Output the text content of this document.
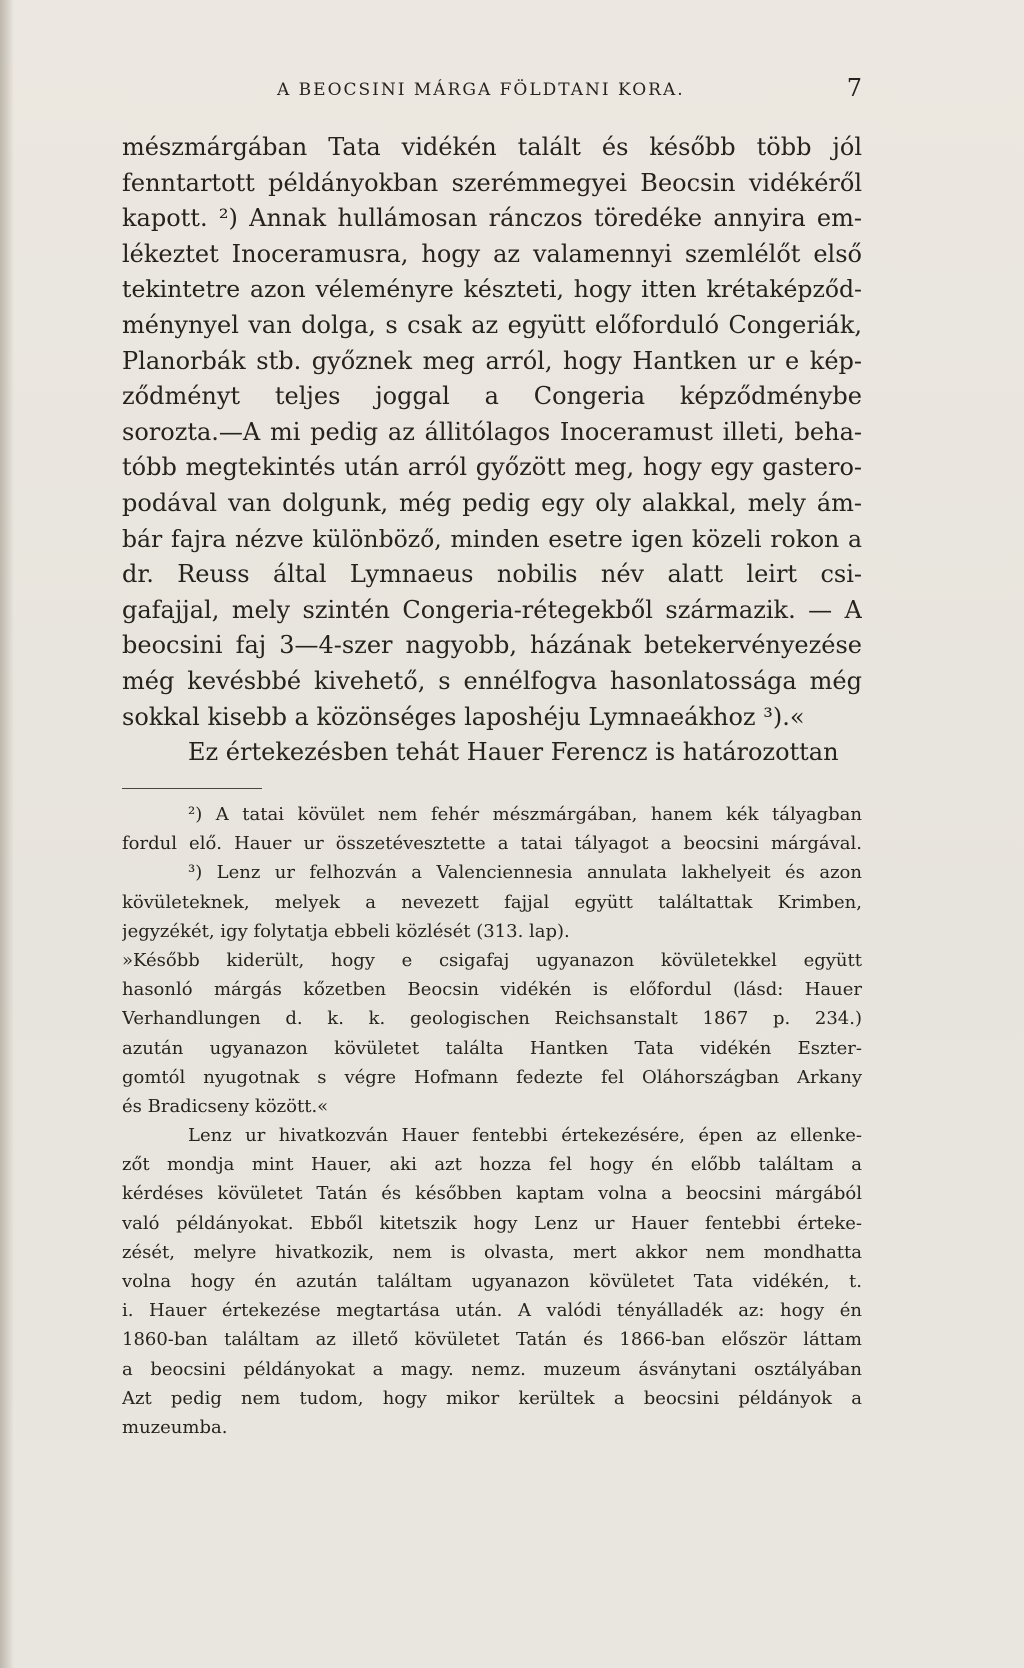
A BEOCSINI MÁRGA FÖLDTANI KORA.	7
mészmárgában Tata vidékén talált és később több jól
fenntartott példányokban szerémmegyei Beocsin vidékéről
kapott. ²) Annak hullámosan ránczos töredéke annyira em-
lékeztet Inoceramusra, hogy az valamennyi szemlélőt első
tekintetre azon véleményre készteti, hogy itten krétaképződ-
ménynyel van dolga, s csak az együtt előforduló Congeriák,
Planorbák stb. győznek meg arról, hogy Hantken ur e kép-
ződményt teljes joggal a Congeria képződménybe
sorozta.—A mi pedig az állitólagos Inoceramust illeti, beha-
tóbb megtekintés után arról győzött meg, hogy egy gastero-
podával van dolgunk, még pedig egy oly alakkal, mely ám-
bár fajra nézve különböző, minden esetre igen közeli rokon a
dr. Reuss által Lymnaeus nobilis név alatt leirt csi-
gafajjal, mely szintén Congeria-rétegekből származik. — A
beocsini faj 3—4-szer nagyobb, házának betekervényezése
még kevésbbé kivehető, s ennélfogva hasonlatossága még
sokkal kisebb a közönséges laposhéju Lymnaeákhoz ³).«
Ez értekezésben tehát Hauer Ferencz is határozottan
²) A tatai kövület nem fehér mészmárgában, hanem kék tályagban
fordul elő. Hauer ur összetévesztette a tatai tályagot a beocsini márgával.
³) Lenz ur felhozván a Valenciennesia annulata lakhelyeit és azon
kövületeknek, melyek a nevezett fajjal együtt találtattak Krimben,
jegyzékét, igy folytatja ebbeli közlését (313. lap).
»Később kiderült, hogy e csigafaj ugyanazon kövületekkel együtt
hasonló márgás kőzetben Beocsin vidékén is előfordul (lásd: Hauer
Verhandlungen d. k. k. geologischen Reichsanstalt 1867 p. 234.)
azután ugyanazon kövületet találta Hantken Tata vidékén Eszter-
gomtól nyugotnak s végre Hofmann fedezte fel Oláhországban Arkany
és Bradicseny között.«
Lenz ur hivatkozván Hauer fentebbi értekezésére, épen az ellenke-
zőt mondja mint Hauer, aki azt hozza fel hogy én előbb találtam a
kérdéses kövületet Tatán és későbben kaptam volna a beocsini márgából
való példányokat. Ebből kitetszik hogy Lenz ur Hauer fentebbi érteke-
zését, melyre hivatkozik, nem is olvasta, mert akkor nem mondhatta
volna hogy én azután találtam ugyanazon kövületet Tata vidékén, t.
i. Hauer értekezése megtartása után. A valódi tényálladék az: hogy én
1860-ban találtam az illető kövületet Tatán és 1866-ban először láttam
a beocsini példányokat a magy. nemz. muzeum ásványtani osztályában
Azt pedig nem tudom, hogy mikor kerültek a beocsini példányok a
muzeumba.
